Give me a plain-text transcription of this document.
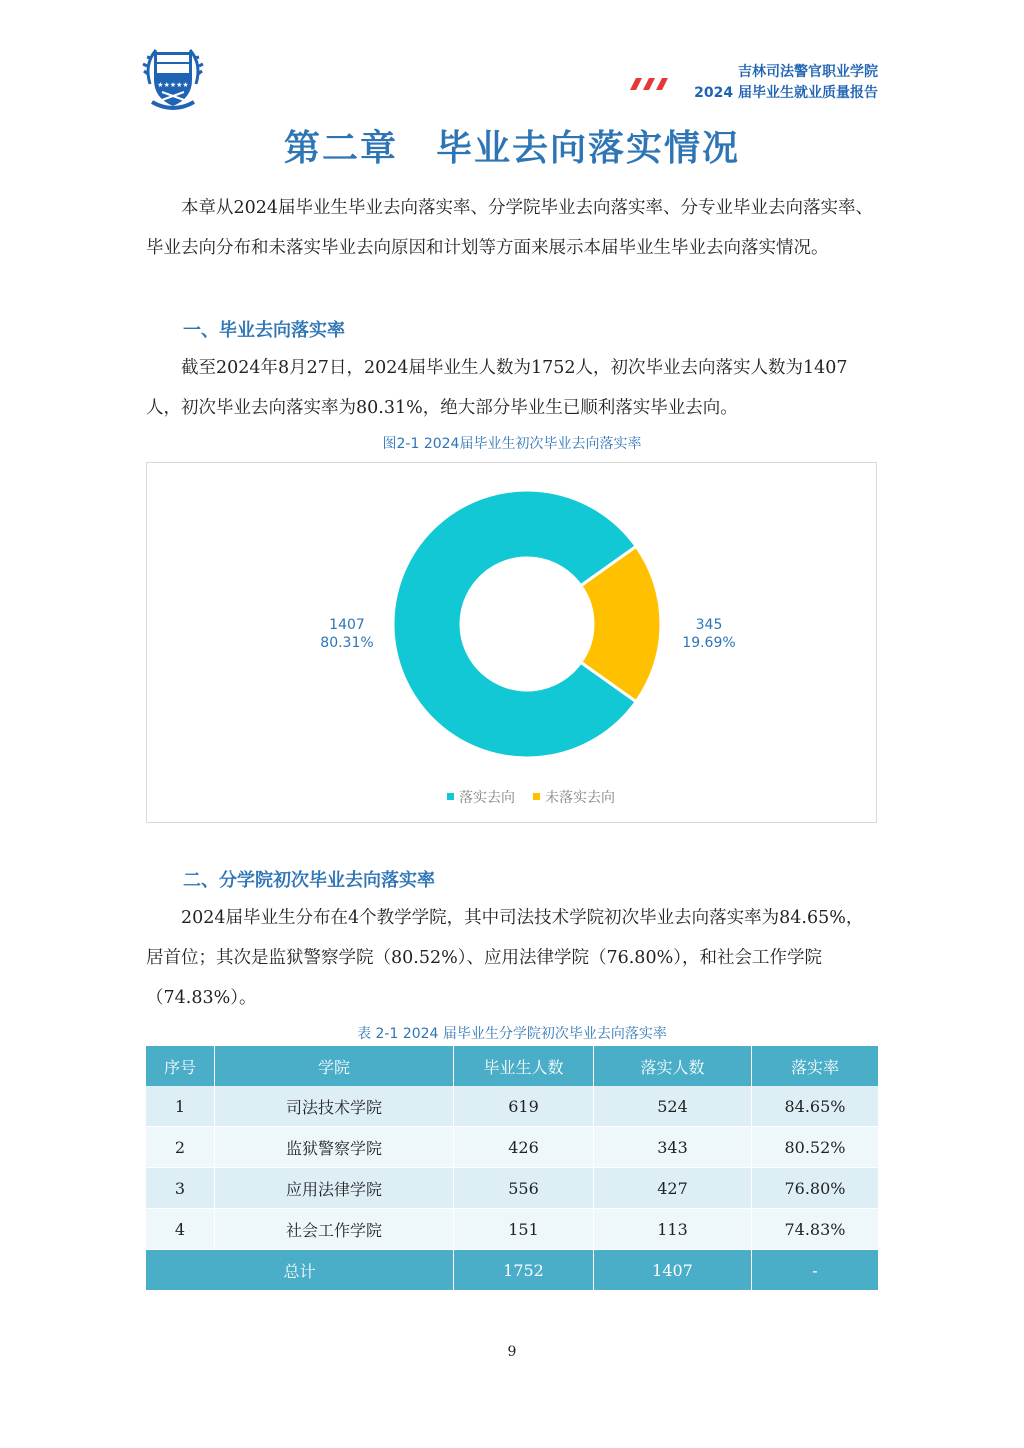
★★★★★
吉林司法警官职业学院
2024 届毕业生就业质量报告
第二章　毕业去向落实情况

本章从2024届毕业生毕业去向落实率、分学院毕业去向落实率、分专业毕业去向落实率、毕业去向分布和未落实毕业去向原因和计划等方面来展示本届毕业生毕业去向落实情况。

一、毕业去向落实率

截至2024年8月27日，2024届毕业生人数为1752人，初次毕业去向落实人数为1407人，初次毕业去向落实率为80.31%，绝大部分毕业生已顺利落实毕业去向。

图2-1 2024届毕业生初次毕业去向落实率
1407
80.31%
345
19.69%
落实去向 未落实去向
二、分学院初次毕业去向落实率

2024届毕业生分布在4个教学学院，其中司法技术学院初次毕业去向落实率为84.65%，居首位；其次是监狱警察学院（80.52%）、应用法律学院（76.80%），和社会工作学院（74.83%）。

表 2-1 2024 届毕业生分学院初次毕业去向落实率
序号	学院	毕业生人数	落实人数	落实率
1	司法技术学院	619	524	84.65%
2	监狱警察学院	426	343	80.52%
3	应用法律学院	556	427	76.80%
4	社会工作学院	151	113	74.83%
总计		1752	1407	-
9
